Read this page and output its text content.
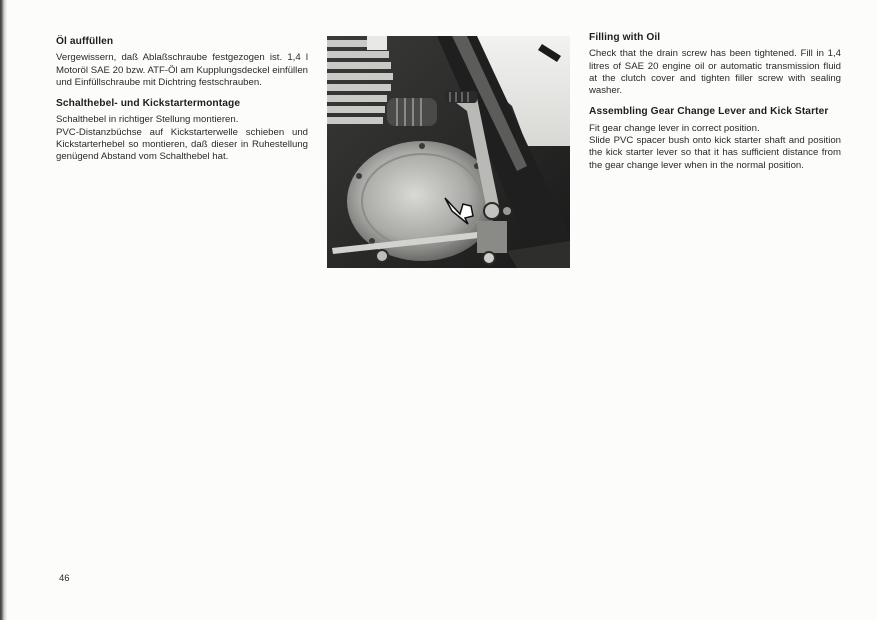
Öl auffüllen

Vergewissern, daß Ablaßschraube festgezogen ist. 1,4 l Motoröl SAE 20 bzw. ATF-Öl am Kupplungsdeckel einfüllen und Einfüllschraube mit Dichtring festschrauben.

Schalthebel- und Kickstartermontage

Schalthebel in richtiger Stellung montieren.
PVC-Distanzbüchse auf Kickstarterwelle schieben und Kickstarterhebel so montieren, daß dieser in Ruhestellung genügend Abstand vom Schalthebel hat.

Filling with Oil

Check that the drain screw has been tightened. Fill in 1,4 litres of SAE 20 engine oil or automatic transmission fluid at the clutch cover and tighten filler screw with sealing washer.

Assembling Gear Change Lever and Kick Starter

Fit gear change lever in correct position.
Slide PVC spacer bush onto kick starter shaft and position the kick starter lever so that it has sufficient distance from the gear change lever when in the normal position.

46
